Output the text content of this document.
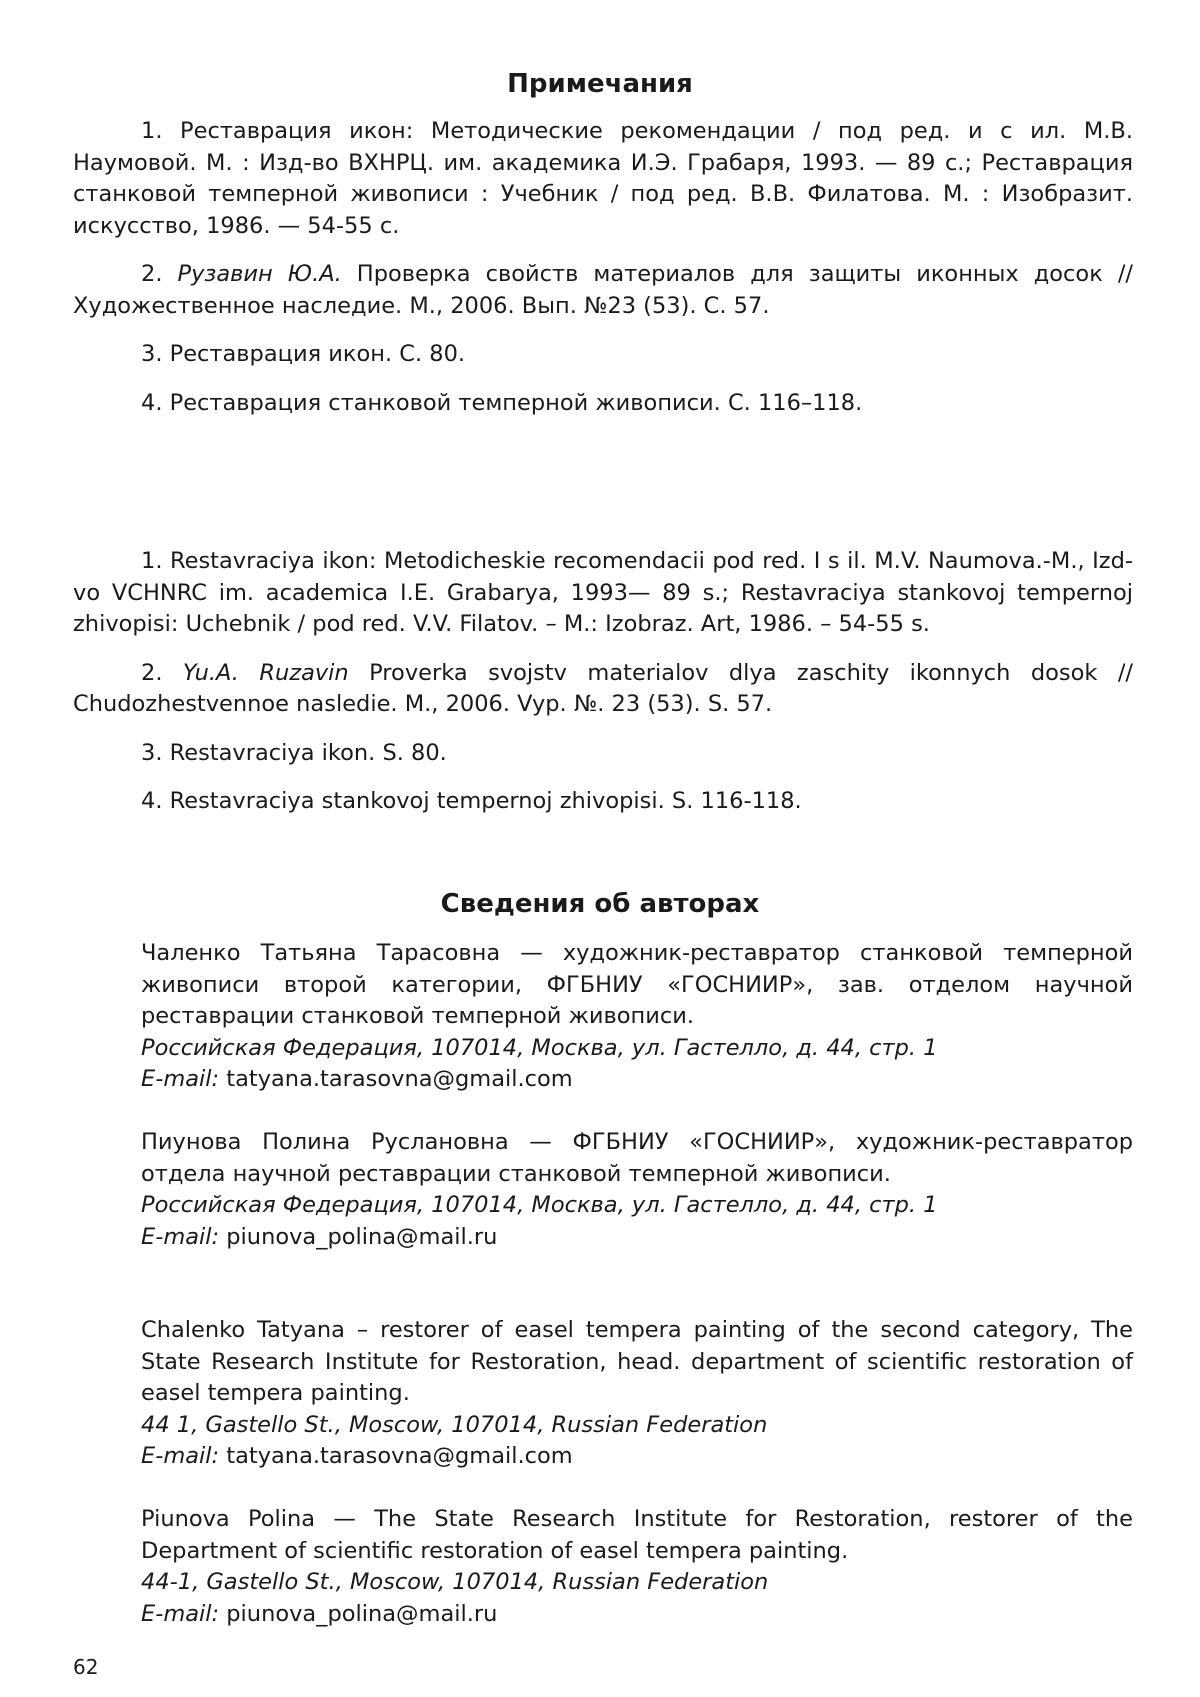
Примечания

1. Реставрация икон: Методические рекомендации / под ред. и с ил. М.В. Наумовой. М. : Изд-во ВХНРЦ. им. академика И.Э. Грабаря, 1993. — 89 с.; Реставрация станковой темперной живописи : Учебник / под ред. В.В. Филатова. М. : Изобразит. искусство, 1986. — 54-55 с.

2. Рузавин Ю.А. Проверка свойств материалов для защиты иконных досок // Художественное наследие. М., 2006. Вып. №23 (53). С. 57.

3. Реставрация икон. С. 80.

4. Реставрация станковой темперной живописи. С. 116–118.

1. Restavraciya ikon: Metodicheskie recomendacii pod red. I s il. M.V. Naumova.-M., Izd-vo VCHNRC im. academica I.E. Grabarya, 1993— 89 s.; Restavraciya stankovoj tempernoj zhivopisi: Uchebnik / pod red. V.V. Filatov. – M.: Izobraz. Art, 1986. – 54-55 s.

2. Yu.A. Ruzavin Proverka svojstv materialov dlya zaschity ikonnych dosok // Chudozhestvennoe nasledie. M., 2006. Vyp. №. 23 (53). S. 57.

3. Restavraciya ikon. S. 80.

4. Restavraciya stankovoj tempernoj zhivopisi. S. 116-118.

Сведения об авторах

Чаленко Татьяна Тарасовна — художник-реставратор станковой темперной живописи второй категории, ФГБНИУ «ГОСНИИР», зав. отделом научной реставрации станковой темперной живописи.

Российская Федерация, 107014, Москва, ул. Гастелло, д. 44, стр. 1

E-mail: tatyana.tarasovna@gmail.com

Пиунова Полина Руслановна — ФГБНИУ «ГОСНИИР», художник-реставратор отдела научной реставрации станковой темперной живописи.

Российская Федерация, 107014, Москва, ул. Гастелло, д. 44, стр. 1

E-mail: piunova_polina@mail.ru

Chalenko Tatyana – restorer of easel tempera painting of the second category, The State Research Institute for Restoration, head. department of scientific restoration of easel tempera painting.

44 1, Gastello St., Moscow, 107014, Russian Federation

E-mail: tatyana.tarasovna@gmail.com

Piunova Polina — The State Research Institute for Restoration, restorer of the Department of scientific restoration of easel tempera painting.

44-1, Gastello St., Moscow, 107014, Russian Federation

E-mail: piunova_polina@mail.ru

62
